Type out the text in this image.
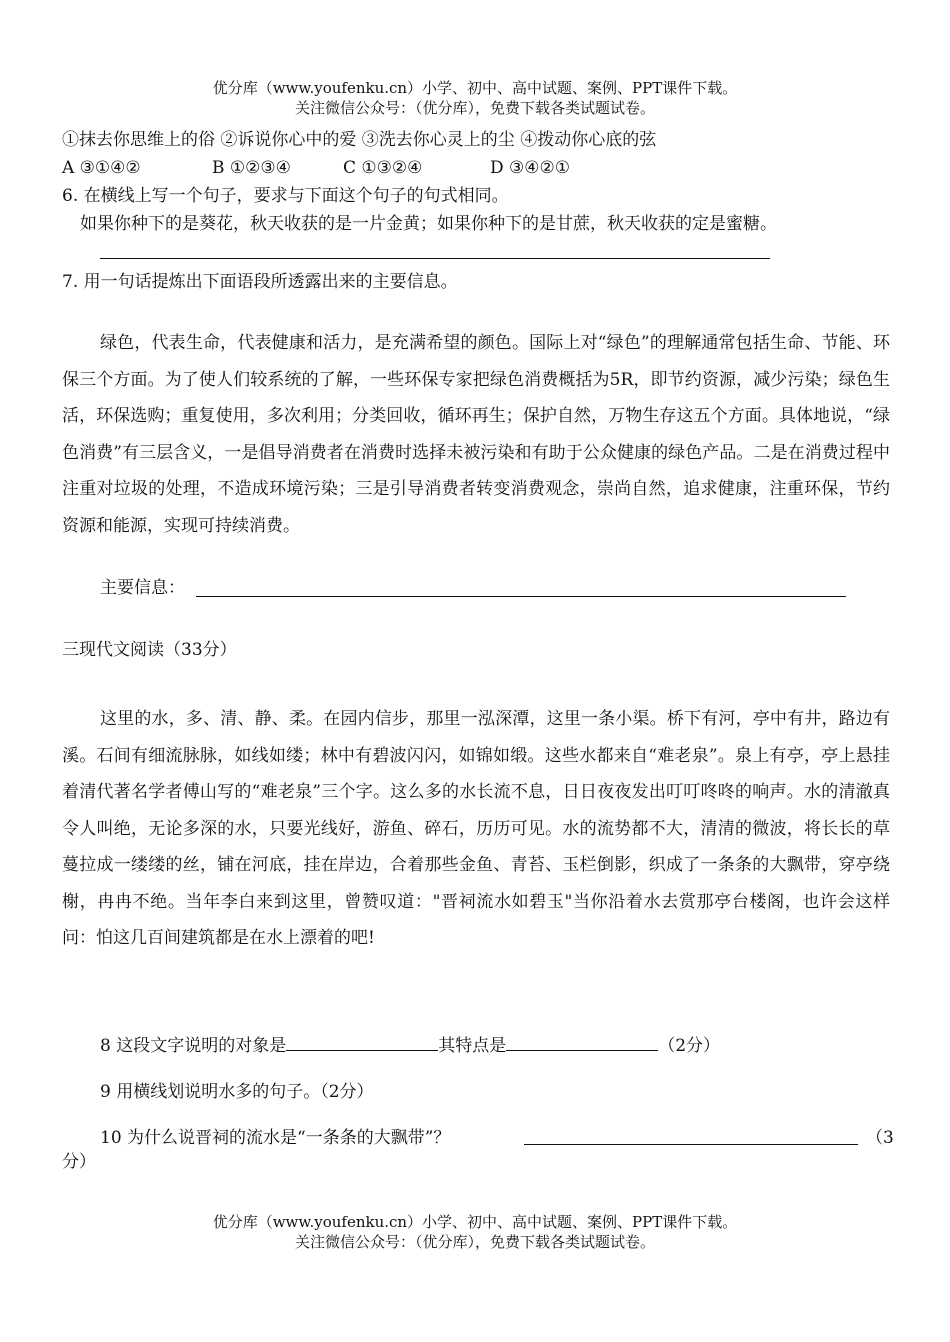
优分库（www.youfenku.cn）小学、初中、高中试题、案例、PPT课件下载。
关注微信公众号：（优分库），免费下载各类试题试卷。
①抹去你思维上的俗 ②诉说你心中的爱 ③洗去你心灵上的尘 ④拨动你心底的弦
A ③①④②	B ①②③④	C ①③②④	D ③④②①
6. 在横线上写一个句子，要求与下面这个句子的句式相同。
如果你种下的是葵花，秋天收获的是一片金黄；如果你种下的是甘蔗，秋天收获的定是蜜糖。
7. 用一句话提炼出下面语段所透露出来的主要信息。
绿色，代表生命，代表健康和活力，是充满希望的颜色。国际上对“绿色”的理解通常包括生命、节能、环保三个方面。为了使人们较系统的了解，一些环保专家把绿色消费概括为5R，即节约资源，减少污染；绿色生活，环保选购；重复使用，多次利用；分类回收，循环再生；保护自然，万物生存这五个方面。具体地说，“绿色消费”有三层含义，一是倡导消费者在消费时选择未被污染和有助于公众健康的绿色产品。二是在消费过程中注重对垃圾的处理，不造成环境污染；三是引导消费者转变消费观念，崇尚自然，追求健康，注重环保，节约资源和能源，实现可持续消费。
主要信息：
三现代文阅读（33分）
这里的水，多、清、静、柔。在园内信步，那里一泓深潭，这里一条小渠。桥下有河，亭中有井，路边有溪。石间有细流脉脉，如线如缕；林中有碧波闪闪，如锦如缎。这些水都来自“难老泉”。泉上有亭，亭上悬挂着清代著名学者傅山写的“难老泉”三个字。这么多的水长流不息，日日夜夜发出叮叮咚咚的响声。水的清澈真令人叫绝，无论多深的水，只要光线好，游鱼、碎石，历历可见。水的流势都不大，清清的微波，将长长的草蔓拉成一缕缕的丝，铺在河底，挂在岸边，合着那些金鱼、青苔、玉栏倒影，织成了一条条的大飘带，穿亭绕榭，冉冉不绝。当年李白来到这里，曾赞叹道："晋祠流水如碧玉"当你沿着水去赏那亭台楼阁，也许会这样问：怕这几百间建筑都是在水上漂着的吧!
8 这段文字说明的对象是	其特点是	（2分）
9 用横线划说明水多的句子。（2分）
10 为什么说晋祠的流水是“一条条的大飘带”？	（3
分）
优分库（www.youfenku.cn）小学、初中、高中试题、案例、PPT课件下载。
关注微信公众号：（优分库），免费下载各类试题试卷。
